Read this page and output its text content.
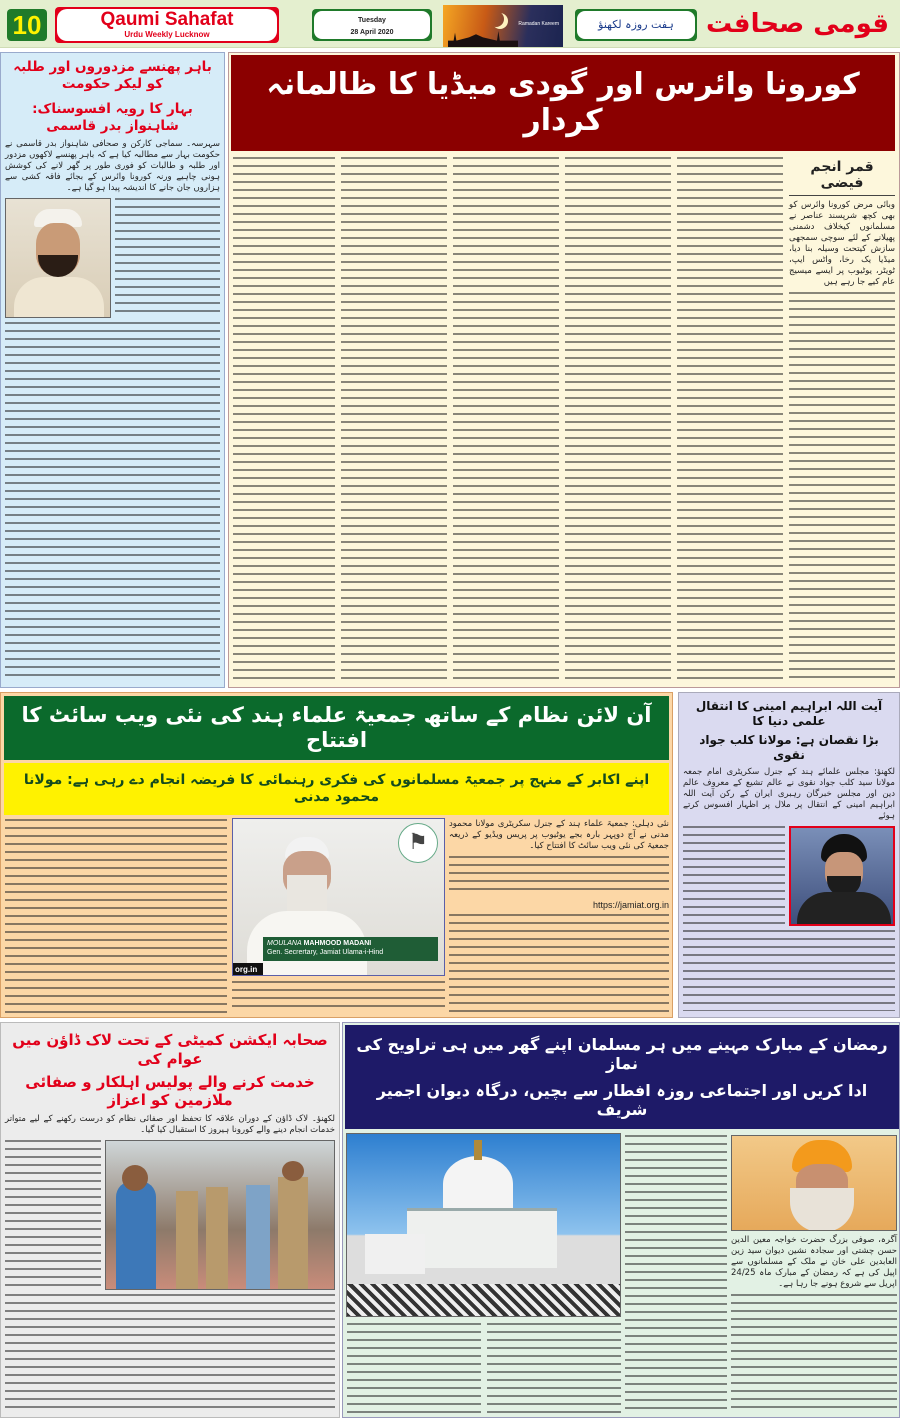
10	Qaumi Sahafat
Urdu Weekly Lucknow
Tuesday
28 April 2020
Ramadan Kareem	ہفت روزہ لکھنؤ	قومی صحافت
باہر پھنسے مزدوروں اور طلبہ کو لیکر حکومت
بہار کا رویہ افسوسناک: شاہنواز بدر قاسمی
سہرسہ۔ سماجی کارکن و صحافی شاہنواز بدر قاسمی نے حکومت بہار سے مطالبہ کیا ہے کہ باہر پھنسے لاکھوں مزدور اور طلبہ و طالبات کو فوری طور پر گھر لانے کی کوشش ہونی چاہیے ورنہ کورونا وائرس کے بجائے فاقہ کشی سے ہزاروں جان جانے کا اندیشہ پیدا ہو گیا ہے۔
کورونا وائرس اور گودی میڈیا کا ظالمانہ کردار
قمر انجم فیضی
وبائی مرض کورونا وائرس کو بھی کچھ شرپسند عناصر نے مسلمانوں کیخلاف دشمنی پھیلانے کے لئے سوچی سمجھی سازش کیتحت وسیلہ بنا دیا، میڈیا یک رخا، واٹس ایپ، ٹویٹر، یوٹیوب پر ایسے میسیج عام کیے جا رہے ہیں
آن لائن نظام کے ساتھ جمعیۃ علماء ہند کی نئی ویب سائٹ کا افتتاح
اپنے اکابر کے منہج پر جمعیۃ مسلمانوں کی فکری رہنمائی کا فریضہ انجام دے رہی ہے: مولانا محمود مدنی
⚑
MOULANA MAHMOOD MADANI
Gen. Secrertary, Jamiat Ulama-i-Hind
org.in
نئی دہلی: جمعیۃ علماء ہند کے جنرل سکریٹری مولانا محمود مدنی نے آج دوپہر بارہ بجے یوٹیوب پر پریس ویڈیو کے ذریعہ جمعیۃ کی نئی ویب سائٹ کا افتتاح کیا۔
https://jamiat.org.in
آیت اللہ ابراہیم امینی کا انتقال علمی دنیا کا
بڑا نقصان ہے: مولانا کلب جواد نقوی
لکھنؤ: مجلس علمائے ہند کے جنرل سکریٹری امام جمعہ مولانا سید کلب جواد نقوی نے عالم تشیع کے معروف عالم دین اور مجلس خبرگان رہبری ایران کے رکن آیت اللہ ابراہیم امینی کے انتقال پر ملال پر اظہار افسوس کرتے ہوئے
صحابہ ایکشن کمیٹی کے تحت لاک ڈاؤن میں عوام کی
خدمت کرنے والے پولیس اہلکار و صفائی ملازمین کو اعزاز
لکھنؤ۔ لاک ڈاؤن کے دوران علاقہ کا تحفظ اور صفائی نظام کو درست رکھنے کے لیے متواتر خدمات انجام دینے والے کورونا ہیروز کا استقبال کیا گیا۔
رمضان کے مبارک مہینے میں ہر مسلمان اپنے گھر میں ہی تراویح کی نماز
ادا کریں اور اجتماعی روزہ افطار سے بچیں، درگاہ دیوان اجمیر شریف
آگرہ، صوفی بزرگ حضرت خواجہ معین الدین حسن چشتی اور سجادہ نشین دیوان سید زین العابدین علی خان نے ملک کے مسلمانوں سے اپیل کی ہے کہ رمضان کے مبارک ماہ 24/25 اپریل سے شروع ہونے جا رہا ہے۔
